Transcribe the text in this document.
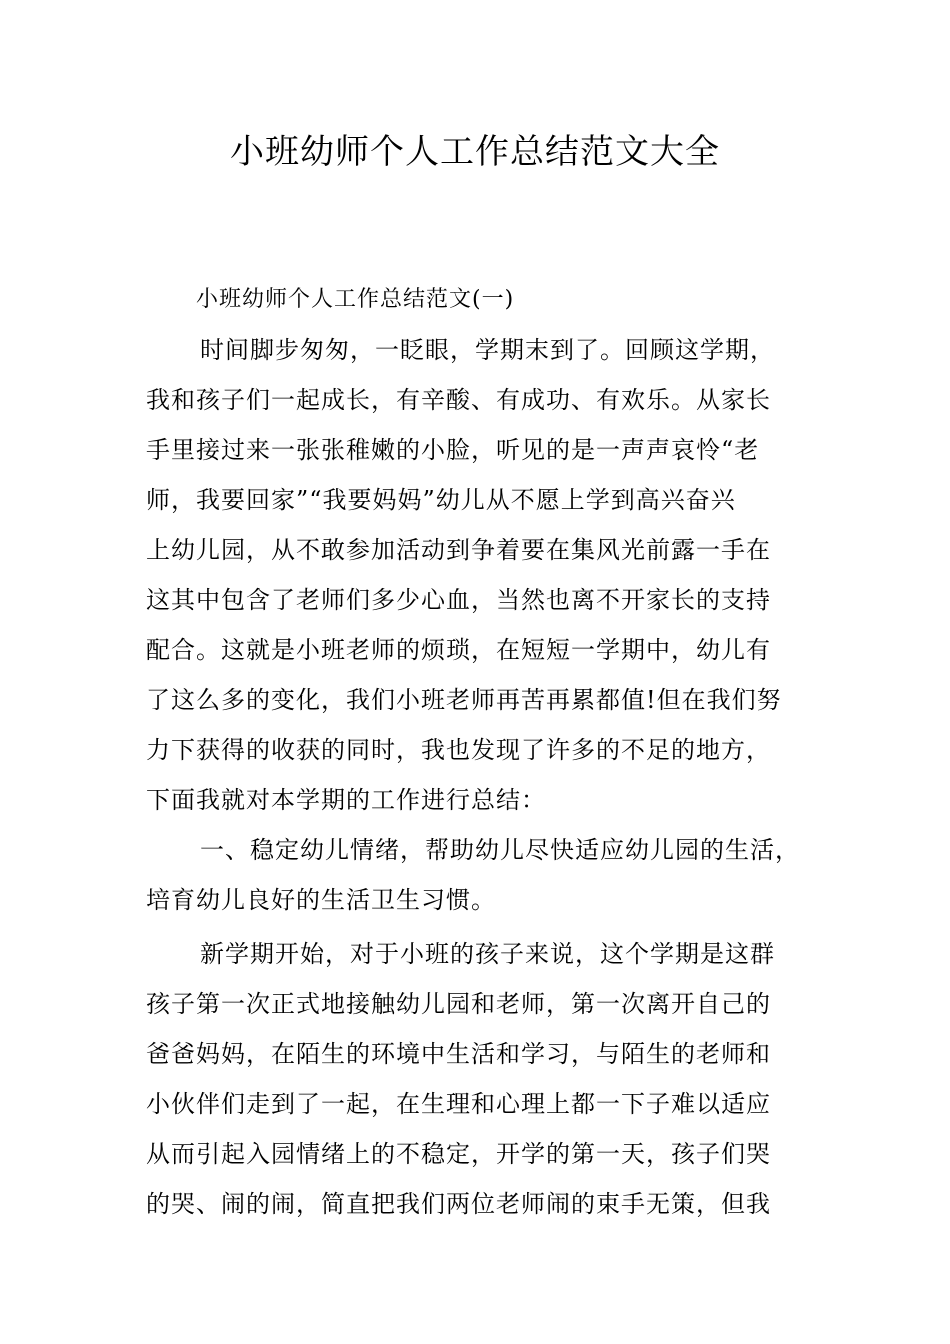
小班幼师个人工作总结范文大全

小班幼师个人工作总结范文(一)

时间脚步匆匆，一眨眼，学期末到了。回顾这学期，
我和孩子们一起成长，有辛酸、有成功、有欢乐。从家长
手里接过来一张张稚嫩的小脸，听见的是一声声哀怜“老
师，我要回家”“我要妈妈”幼儿从不愿上学到高兴奋兴
上幼儿园，从不敢参加活动到争着要在集风光前露一手在
这其中包含了老师们多少心血，当然也离不开家长的支持
配合。这就是小班老师的烦琐，在短短一学期中，幼儿有
了这么多的变化，我们小班老师再苦再累都值!但在我们努
力下获得的收获的同时，我也发现了许多的不足的地方，
下面我就对本学期的工作进行总结：

一、稳定幼儿情绪，帮助幼儿尽快适应幼儿园的生活，
培育幼儿良好的生活卫生习惯。

新学期开始，对于小班的孩子来说，这个学期是这群
孩子第一次正式地接触幼儿园和老师，第一次离开自己的
爸爸妈妈，在陌生的环境中生活和学习，与陌生的老师和
小伙伴们走到了一起，在生理和心理上都一下子难以适应
从而引起入园情绪上的不稳定，开学的第一天，孩子们哭
的哭、闹的闹，简直把我们两位老师闹的束手无策，但我
